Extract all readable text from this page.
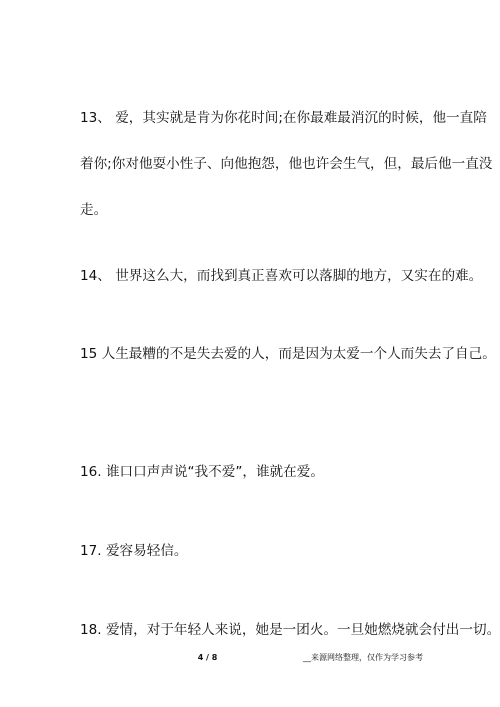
13、 爱，其实就是肯为你花时间;在你最难最消沉的时候，他一直陪
着你;你对他耍小性子、向他抱怨，他也许会生气，但，最后他一直没
走。
14、 世界这么大，而找到真正喜欢可以落脚的地方，又实在的难。
15 人生最糟的不是失去爱的人，而是因为太爱一个人而失去了自己。
16. 谁口口声声说“我不爱”，谁就在爱。
17. 爱容易轻信。
18. 爱情，对于年轻人来说，她是一团火。一旦她燃烧就会付出一切。
4 / 8	__来源网络整理，仅作为学习参考
